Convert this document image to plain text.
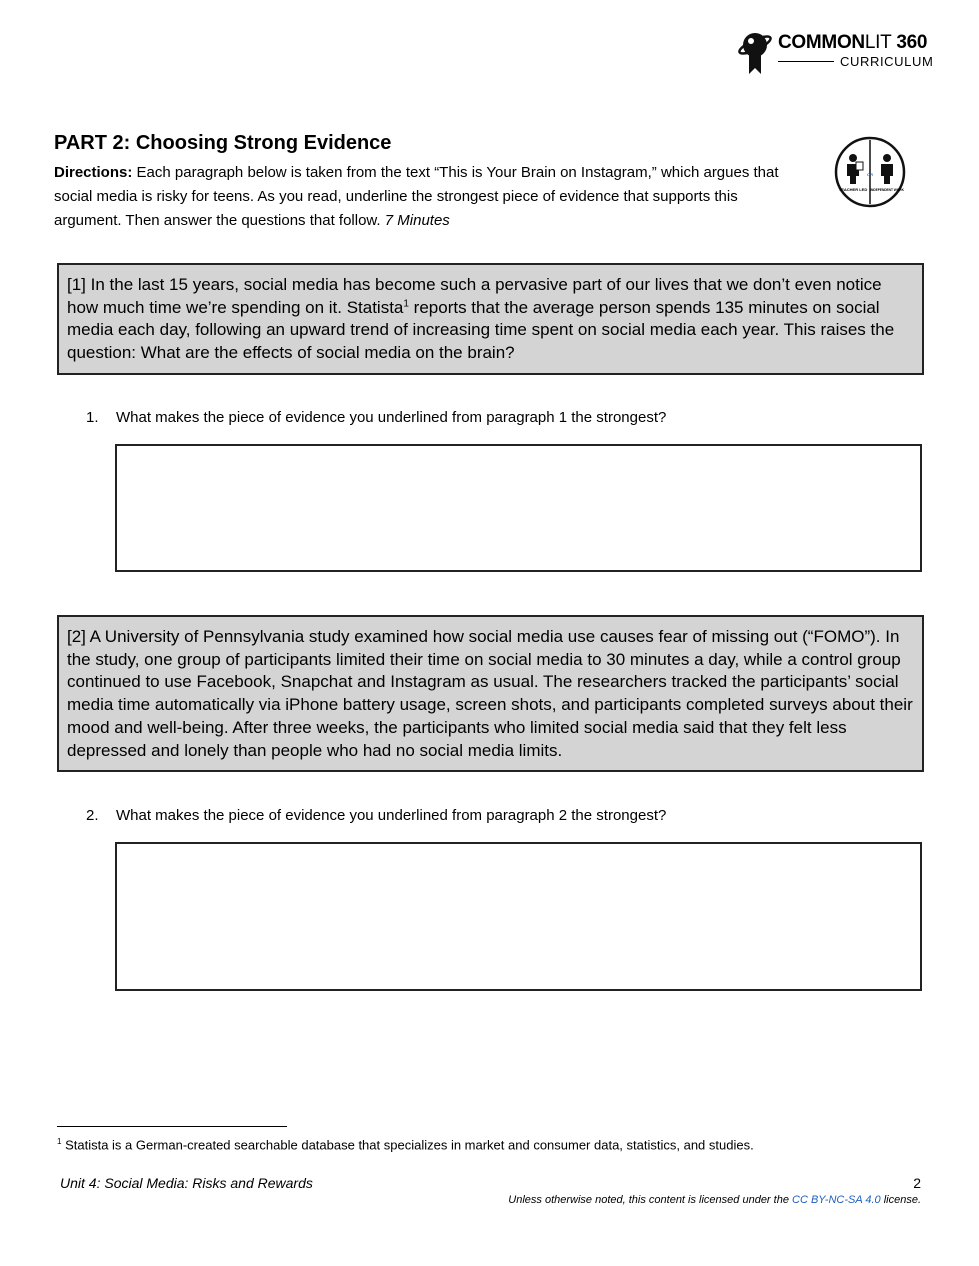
COMMONLIT 360
CURRICULUM
PART 2: Choosing Strong Evidence
Directions: Each paragraph below is taken from the text “This is Your Brain on Instagram,” which argues that social media is risky for teens. As you read, underline the strongest piece of evidence that supports this argument. Then answer the questions that follow. 7 Minutes
TEACHER LED
OR
INDEPENDENT WORK
[1] In the last 15 years, social media has become such a pervasive part of our lives that we don’t even notice how much time we’re spending on it. Statista$^1$ reports that the average person spends 135 minutes on social media each day, following an upward trend of increasing time spent on social media each year. This raises the question: What are the effects of social media on the brain?
1. What makes the piece of evidence you underlined from paragraph 1 the strongest?
[2] A University of Pennsylvania study examined how social media use causes fear of missing out (“FOMO”). In the study, one group of participants limited their time on social media to 30 minutes a day, while a control group continued to use Facebook, Snapchat and Instagram as usual. The researchers tracked the participants’ social media time automatically via iPhone battery usage, screen shots, and participants completed surveys about their mood and well-being. After three weeks, the participants who limited social media said that they felt less depressed and lonely than people who had no social media limits.
2. What makes the piece of evidence you underlined from paragraph 2 the strongest?
$^1$ Statista is a German-created searchable database that specializes in market and consumer data, statistics, and studies.
Unit 4: Social Media: Risks and Rewards	2
Unless otherwise noted, this content is licensed under the CC BY-NC-SA 4.0 license.
